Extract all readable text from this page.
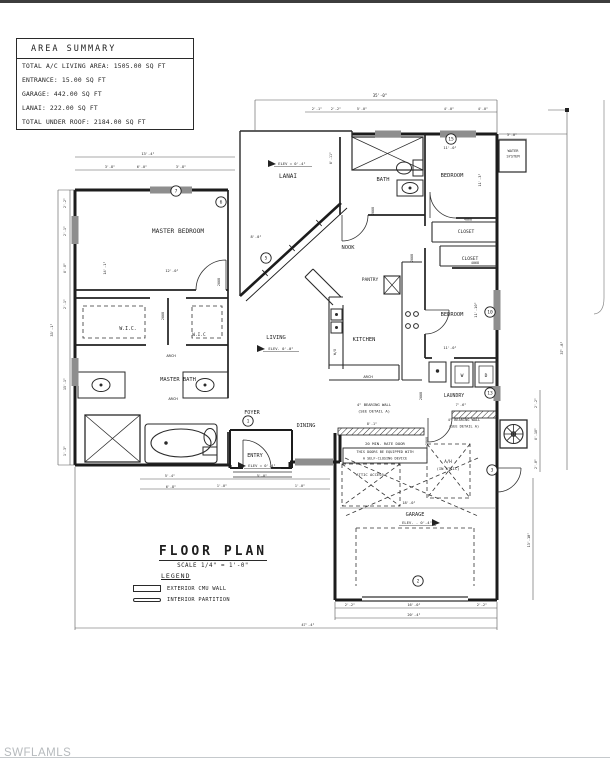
AREA SUMMARY
TOTAL A/C LIVING AREA: 1505.00 SQ FT
ENTRANCE: 15.00 SQ FT
GARAGE: 442.00 SQ FT
LANAI: 222.00 SQ FT
TOTAL UNDER ROOF: 2184.00 SQ FT
7
6
5
15
10
13
3
2
1
MASTER BEDROOM
LANAI	BATH
BEDROOM
NOOK
PANTRY
KITCHEN
LIVING
BEDROOM
LAUNDRY
CLOSET
CLOSET
W.I.C.
W.I.C
MASTER BATH
FOYER
ENTRY
DINING
GARAGE
WATER
SYSTEM
A/H
(IN ATTIC)
ATTIC ACCESS
W	D
W/O
ELEV = 0'-4"
ELEV. 0'-0"
ELEV = 0'-4"
ELEV. - 0'-4"
4" BEARING WALL
(SEE DETAIL A)
4" BEARING WALL
(SEE DETAIL A)
20 MIN. RATE DOOR
THIS DOORS BE EQUIPPED WITH
A SELF-CLOSING DEVICE
ARCH
ARCH
ARCH
35'-0"
2'-1"	2'-2"	5'-0"	4'-0"	4'-0"
3'-0"
13'-4"
3'-8"	6'-0"	3'-8"
12'-0"
14'-1"
11'-0"
11'-3"
11'-0"
11'-10"
8'-0"
6'-11"
7'-6"
8'-1"
18'-0"
2'-2"	16'-0"	2'-2"
20'-4"
47'-4"
33'-1"
2'-2"
2'-1"
6'-0"
2'-1"
15'-1"
1'-3"
5'-4"
6'-8"
5'-0"
1'-0"	1'-0"
37'-8"
2'-2"
6'-10"
2'-8"
13'-10"
2668
2668
2668
2668
2868
2668
4068
4068
FLOOR PLAN
SCALE 1/4" = 1'-0"
LEGEND
EXTERIOR CMU WALL
INTERIOR PARTITION
SWFLAMLS
